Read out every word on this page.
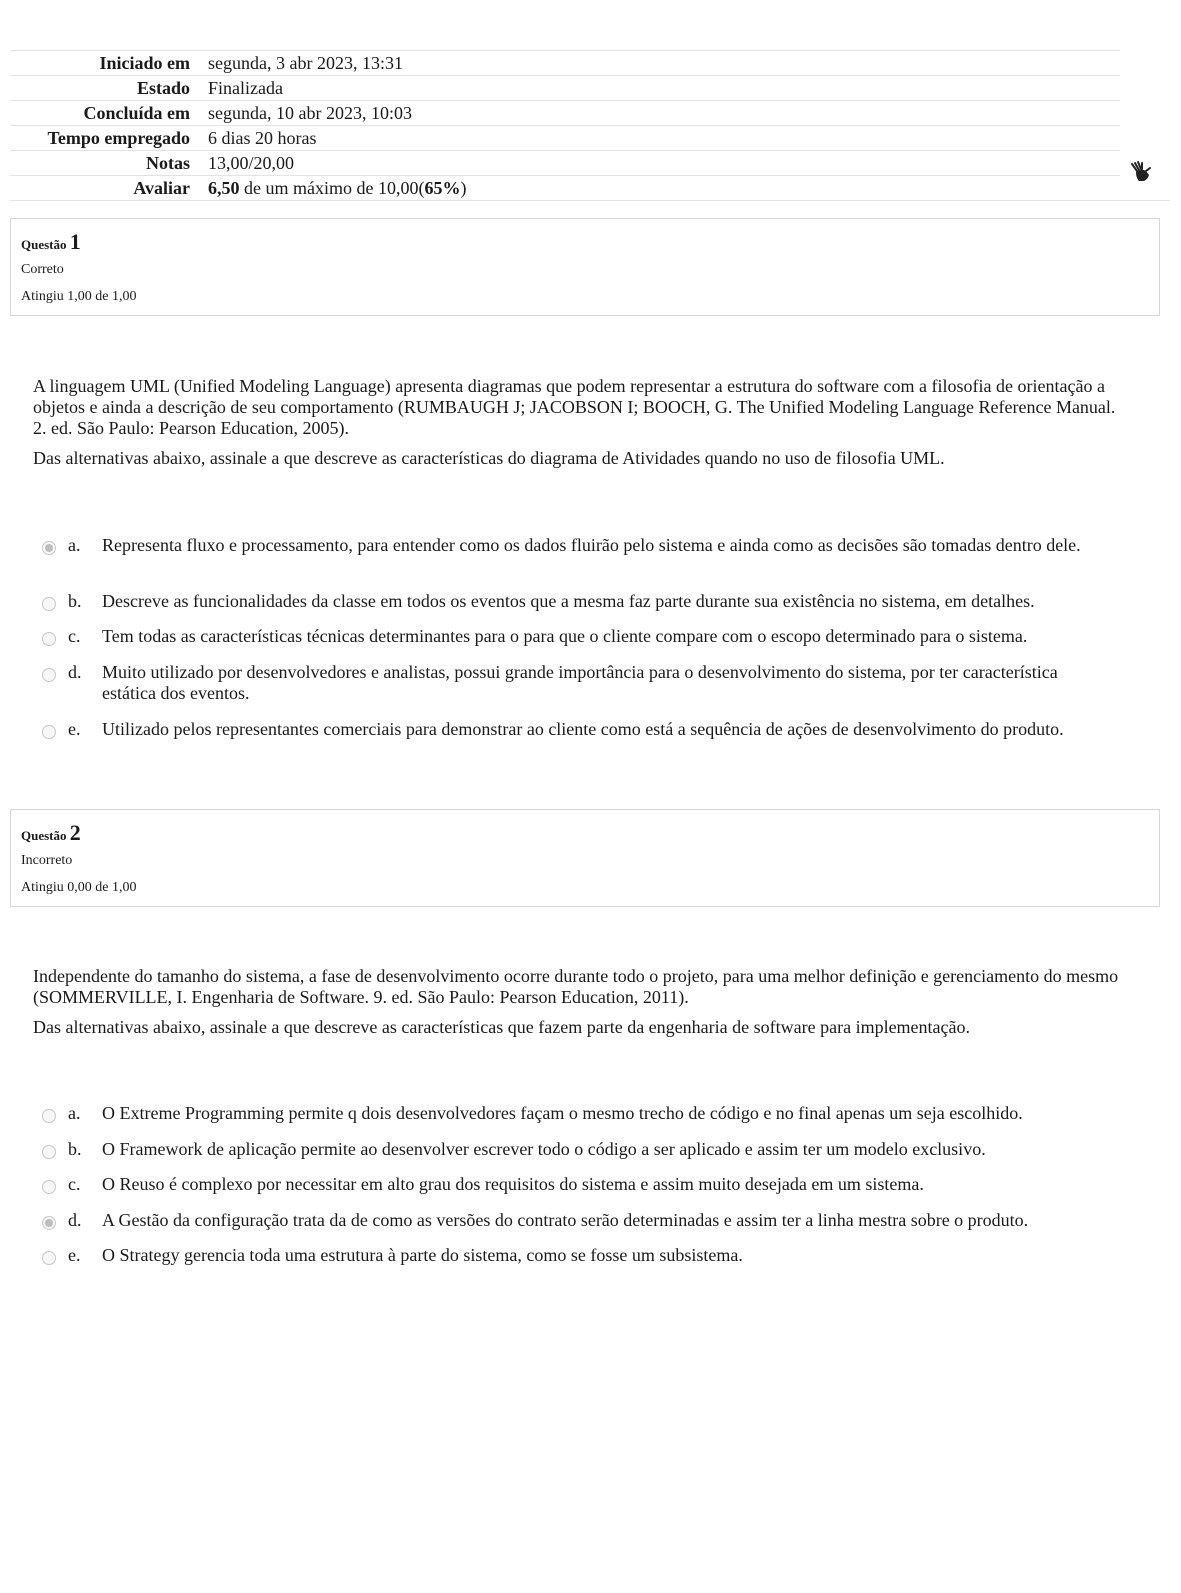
Iniciado em	segunda, 3 abr 2023, 13:31	
Estado	Finalizada	
Concluída em	segunda, 10 abr 2023, 10:03	
Tempo empregado	6 dias 20 horas	
Notas	13,00/20,00	
Avaliar	6,50 de um máximo de 10,00(65%)	
Questão 1
Correto
Atingiu 1,00 de 1,00

A linguagem UML (Unified Modeling Language) apresenta diagramas que podem representar a estrutura do software com a filosofia de orientação a objetos e ainda a descrição de seu comportamento (RUMBAUGH J; JACOBSON I; BOOCH, G. The Unified Modeling Language Reference Manual. 2. ed. São Paulo: Pearson Education, 2005).

Das alternativas abaixo, assinale a que descreve as características do diagrama de Atividades quando no uso de filosofia UML.

a.	Representa fluxo e processamento, para entender como os dados fluirão pelo sistema e ainda como as decisões são tomadas dentro dele.
b.	Descreve as funcionalidades da classe em todos os eventos que a mesma faz parte durante sua existência no sistema, em detalhes.
c.	Tem todas as características técnicas determinantes para o para que o cliente compare com o escopo determinado para o sistema.
d.	Muito utilizado por desenvolvedores e analistas, possui grande importância para o desenvolvimento do sistema, por ter característica estática dos eventos.
e.	Utilizado pelos representantes comerciais para demonstrar ao cliente como está a sequência de ações de desenvolvimento do produto.
Questão 2
Incorreto
Atingiu 0,00 de 1,00

Independente do tamanho do sistema, a fase de desenvolvimento ocorre durante todo o projeto, para uma melhor definição e gerenciamento do mesmo (SOMMERVILLE, I. Engenharia de Software. 9. ed. São Paulo: Pearson Education, 2011).

Das alternativas abaixo, assinale a que descreve as características que fazem parte da engenharia de software para implementação.

a.	O Extreme Programming permite q dois desenvolvedores façam o mesmo trecho de código e no final apenas um seja escolhido.
b.	O Framework de aplicação permite ao desenvolver escrever todo o código a ser aplicado e assim ter um modelo exclusivo.
c.	O Reuso é complexo por necessitar em alto grau dos requisitos do sistema e assim muito desejada em um sistema.
d.	A Gestão da configuração trata da de como as versões do contrato serão determinadas e assim ter a linha mestra sobre o produto.
e.	O Strategy gerencia toda uma estrutura à parte do sistema, como se fosse um subsistema.
